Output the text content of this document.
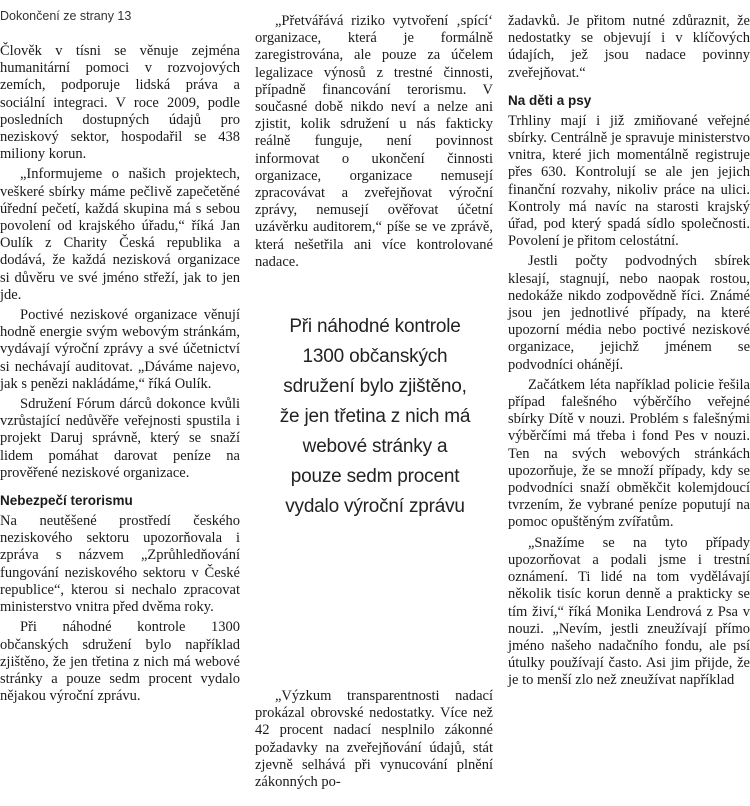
Dokončení ze strany 13

Člověk v tísni se věnuje zejména humanitární pomoci v rozvojových zemích, podporuje lidská práva a sociální integraci. V roce 2009, podle posledních dostupných údajů pro neziskový sektor, hospodařil se 438 miliony korun.

„Informujeme o našich projektech, veškeré sbírky máme pečlivě zapečetěné úřední pečetí, každá skupina má s sebou povolení od krajského úřadu,“ říká Jan Oulík z Charity Česká republika a dodává, že každá nezisková organizace si důvěru ve své jméno střeží, jak to jen jde.

Poctivé neziskové organizace věnují hodně energie svým webovým stránkám, vydávají výroční zprávy a své účetnictví si nechávají auditovat. „Dáváme najevo, jak s penězi nakládáme,“ říká Oulík.

Sdružení Fórum dárců dokonce kvůli vzrůstající nedůvěře veřejnosti spustila i projekt Daruj správně, který se snaží lidem pomáhat darovat peníze na prověřené neziskové organizace.

Nebezpečí terorismu

Na neutěšené prostředí českého neziskového sektoru upozorňovala i zpráva s názvem „Zprůhledňování fungování neziskového sektoru v České republice“, kterou si nechalo zpracovat ministerstvo vnitra před dvěma roky.

Při náhodné kontrole 1300 občanských sdružení bylo například zjištěno, že jen třetina z nich má webové stránky a pouze sedm procent vydalo nějakou výroční zprávu.

„Přetvářává riziko vytvoření ‚spící‘ organizace, která je formálně zaregistrována, ale pouze za účelem legalizace výnosů z trestné činnosti, případně financování terorismu. V současné době nikdo neví a nelze ani zjistit, kolik sdružení u nás fakticky reálně funguje, není povinnost informovat o ukončení činnosti organizace, organizace nemusejí zpracovávat a zveřejňovat výroční zprávy, nemusejí ověřovat účetní uzávěrku auditorem,“ píše se ve zprávě, která nešetřila ani více kontrolované nadace.

„Výzkum transparentnosti nadací prokázal obrovské nedostatky. Více než 42 procent nadací nesplnilo zákonné požadavky na zveřejňování údajů, stát zjevně selhává při vynucování plnění zákonných po-

Při náhodné kontrole 1300 občanských sdružení bylo zjištěno, že jen třetina z nich má webové stránky a pouze sedm procent vydalo výroční zprávu

žadavků. Je přitom nutné zdůraznit, že nedostatky se objevují i v klíčových údajích, jež jsou nadace povinny zveřejňovat.“

Na děti a psy

Trhliny mají i již zmiňované veřejné sbírky. Centrálně je spravuje ministerstvo vnitra, které jich momentálně registruje přes 630. Kontrolují se ale jen jejich finanční rozvahy, nikoliv práce na ulici. Kontroly má navíc na starosti krajský úřad, pod který spadá sídlo společnosti. Povolení je přitom celostátní.

Jestli počty podvodných sbírek klesají, stagnují, nebo naopak rostou, nedokáže nikdo zodpovědně říci. Známé jsou jen jednotlivé případy, na které upozorní média nebo poctivé neziskové organizace, jejichž jménem se podvodníci ohánějí.

Začátkem léta například policie řešila případ falešného výběrčího veřejné sbírky Dítě v nouzi. Problém s falešnými výběrčími má třeba i fond Pes v nouzi. Ten na svých webových stránkách upozorňuje, že se množí případy, kdy se podvodníci snaží obměkčit kolemjdoucí tvrzením, že vybrané peníze poputují na pomoc opuštěným zvířatům.

„Snažíme se na tyto případy upozorňovat a podali jsme i trestní oznámení. Ti lidé na tom vydělávají několik tisíc korun denně a prakticky se tím živí,“ říká Monika Lendrová z Psa v nouzi. „Nevím, jestli zneužívají přímo jméno našeho nadačního fondu, ale psí útulky používají často. Asi jim přijde, že je to menší zlo než zneužívat například
